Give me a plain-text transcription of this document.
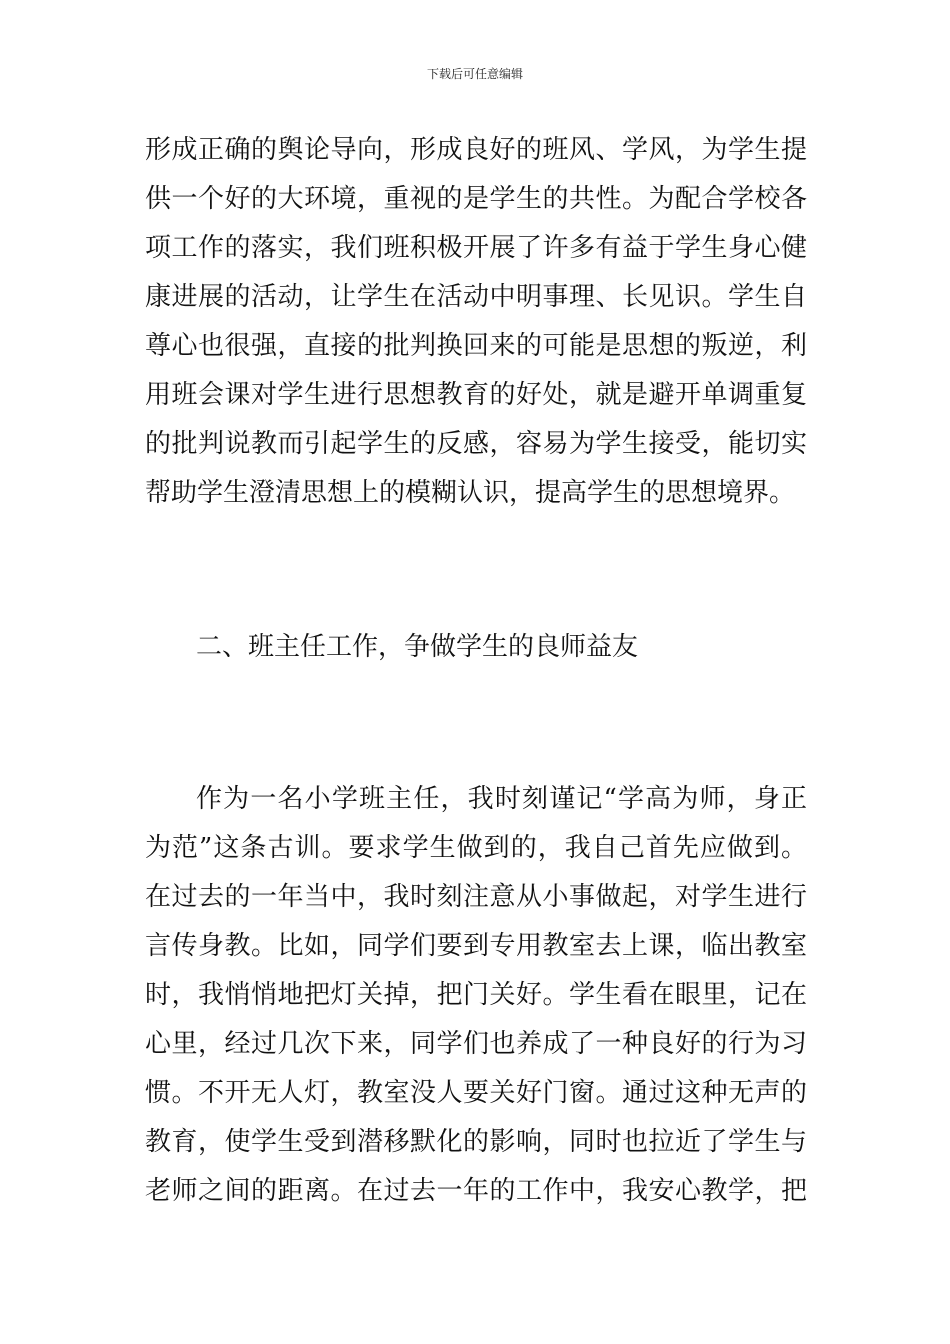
下载后可任意编辑
形成正确的舆论导向，形成良好的班风、学风，为学生提
供一个好的大环境，重视的是学生的共性。为配合学校各
项工作的落实，我们班积极开展了许多有益于学生身心健
康进展的活动，让学生在活动中明事理、长见识。学生自
尊心也很强，直接的批判换回来的可能是思想的叛逆，利
用班会课对学生进行思想教育的好处，就是避开单调重复
的批判说教而引起学生的反感，容易为学生接受，能切实
帮助学生澄清思想上的模糊认识，提高学生的思想境界。
二、班主任工作，争做学生的良师益友
作为一名小学班主任，我时刻谨记“学高为师，身正
为范”这条古训。要求学生做到的，我自己首先应做到。
在过去的一年当中，我时刻注意从小事做起，对学生进行
言传身教。比如，同学们要到专用教室去上课，临出教室
时，我悄悄地把灯关掉，把门关好。学生看在眼里，记在
心里，经过几次下来，同学们也养成了一种良好的行为习
惯。不开无人灯，教室没人要关好门窗。通过这种无声的
教育，使学生受到潜移默化的影响，同时也拉近了学生与
老师之间的距离。在过去一年的工作中，我安心教学，把
